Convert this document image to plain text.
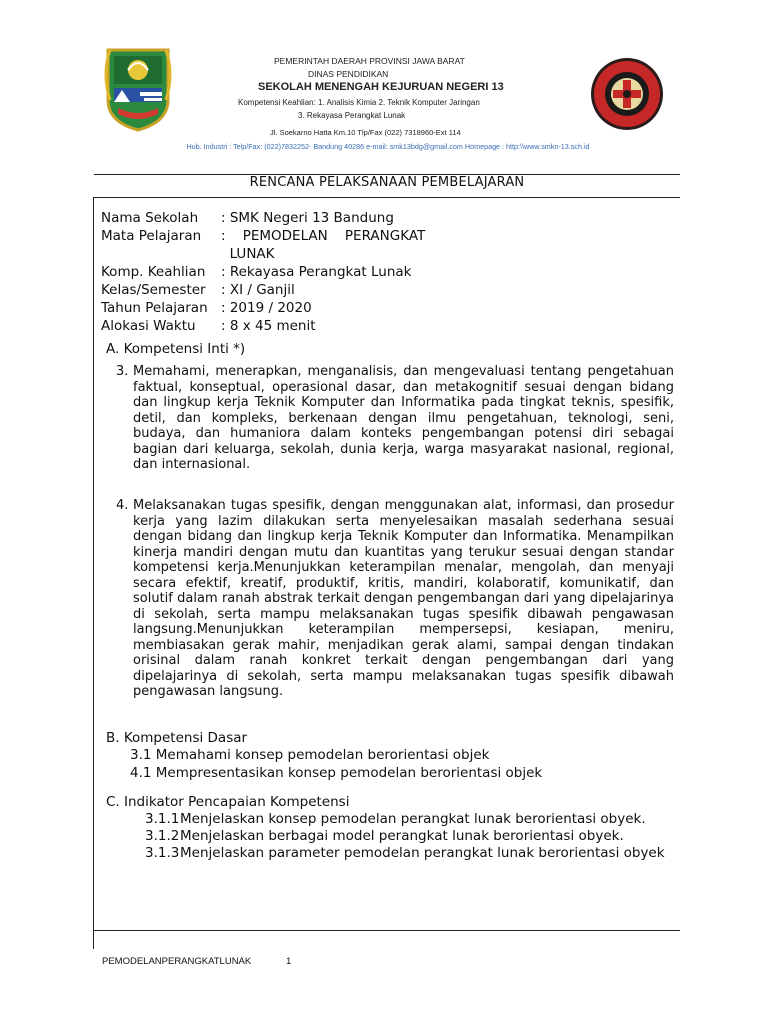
PEMERINTAH DAERAH PROVINSI JAWA BARAT
DINAS PENDIDIKAN
SEKOLAH MENENGAH KEJURUAN NEGERI 13
Kompetensi Keahlian: 1. Analisis Kimia 2. Teknik Komputer Jaringan
3. Rekayasa Perangkat Lunak
Jl. Soekarno Hatta Km.10 Tlp/Fax (022) 7318960-Ext 114
Hub. Industri : Telp/Fax: (022)7832252- Bandung 40286 e-mail: smk13bdg@gmail.com Homepage : http:\\www.smkn-13.sch.id
RENCANA PELAKSANAAN PEMBELAJARAN
Nama Sekolah : SMK Negeri 13 Bandung
Mata Pelajaran :    PEMODELAN    PERANGKAT
LUNAK
Komp. Keahlian : Rekayasa Perangkat Lunak
Kelas/Semester : XI / Ganjil
Tahun Pelajaran : 2019 / 2020
Alokasi Waktu : 8 x 45 menit
A. Kompetensi Inti *)
3. Memahami, menerapkan, menganalisis, dan mengevaluasi tentang pengetahuan faktual, konseptual, operasional dasar, dan metakognitif sesuai dengan bidang dan lingkup kerja Teknik Komputer dan Informatika pada tingkat teknis, spesifik, detil, dan kompleks, berkenaan dengan ilmu pengetahuan, teknologi, seni, budaya, dan humaniora dalam konteks pengembangan potensi diri sebagai bagian dari keluarga, sekolah, dunia kerja, warga masyarakat nasional, regional, dan internasional.
4. Melaksanakan tugas spesifik, dengan menggunakan alat, informasi, dan prosedur kerja yang lazim dilakukan serta menyelesaikan masalah sederhana sesuai dengan bidang dan lingkup kerja Teknik Komputer dan Informatika. Menampilkan kinerja mandiri dengan mutu dan kuantitas yang terukur sesuai dengan standar kompetensi kerja.Menunjukkan keterampilan menalar, mengolah, dan menyaji secara efektif, kreatif, produktif, kritis, mandiri, kolaboratif, komunikatif, dan solutif dalam ranah abstrak terkait dengan pengembangan dari yang dipelajarinya di sekolah, serta mampu melaksanakan tugas spesifik dibawah pengawasan langsung.Menunjukkan keterampilan mempersepsi, kesiapan, meniru, membiasakan gerak mahir, menjadikan gerak alami, sampai dengan tindakan orisinal dalam ranah konkret terkait dengan pengembangan dari yang dipelajarinya di sekolah, serta mampu melaksanakan tugas spesifik dibawah pengawasan langsung.
B. Kompetensi Dasar
3.1 Memahami konsep pemodelan berorientasi objek
4.1 Mempresentasikan konsep pemodelan berorientasi objek
C. Indikator Pencapaian Kompetensi
3.1.1 Menjelaskan konsep pemodelan perangkat lunak berorientasi obyek.
3.1.2 Menjelaskan berbagai model perangkat lunak berorientasi obyek.
3.1.3 Menjelaskan parameter pemodelan perangkat lunak berorientasi obyek
PEMODELANPERANGKATLUNAK	1
